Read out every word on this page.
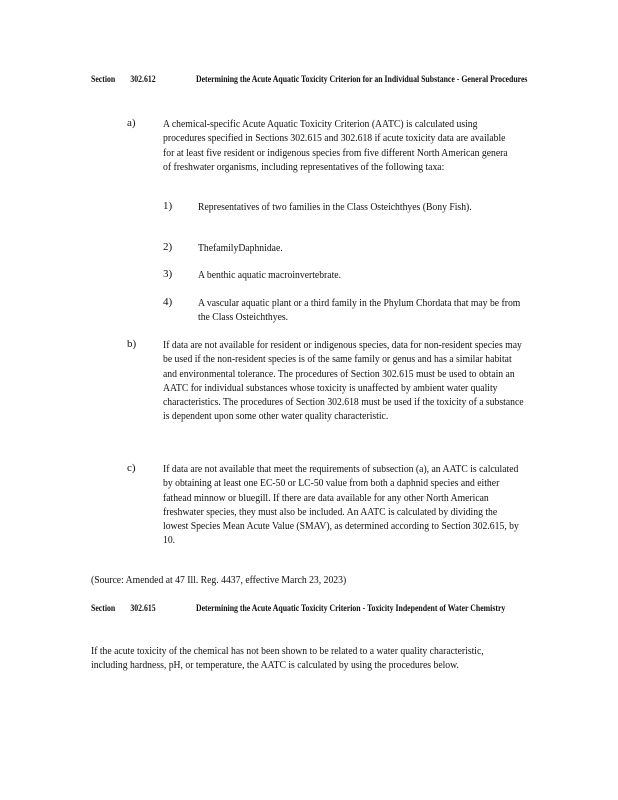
Section 302.612	Determining the Acute Aquatic Toxicity Criterion for an Individual Substance - General Procedures
a) A chemical-specific Acute Aquatic Toxicity Criterion (AATC) is calculated using procedures specified in Sections 302.615 and 302.618 if acute toxicity data are available for at least five resident or indigenous species from five different North American genera of freshwater organisms, including representatives of the following taxa:
1) Representatives of two families in the Class Osteichthyes (Bony Fish).
2) ThefamilyDaphnidae.
3) A benthic aquatic macroinvertebrate.
4) A vascular aquatic plant or a third family in the Phylum Chordata that may be from the Class Osteichthyes.
b) If data are not available for resident or indigenous species, data for non-resident species may be used if the non-resident species is of the same family or genus and has a similar habitat and environmental tolerance. The procedures of Section 302.615 must be used to obtain an AATC for individual substances whose toxicity is unaffected by ambient water quality characteristics. The procedures of Section 302.618 must be used if the toxicity of a substance is dependent upon some other water quality characteristic.
c) If data are not available that meet the requirements of subsection (a), an AATC is calculated by obtaining at least one EC-50 or LC-50 value from both a daphnid species and either fathead minnow or bluegill. If there are data available for any other North American freshwater species, they must also be included. An AATC is calculated by dividing the lowest Species Mean Acute Value (SMAV), as determined according to Section 302.615, by 10.
(Source: Amended at 47 Ill. Reg. 4437, effective March 23, 2023)
Section 302.615	Determining the Acute Aquatic Toxicity Criterion - Toxicity Independent of Water Chemistry
If the acute toxicity of the chemical has not been shown to be related to a water quality characteristic, including hardness, pH, or temperature, the AATC is calculated by using the procedures below.
